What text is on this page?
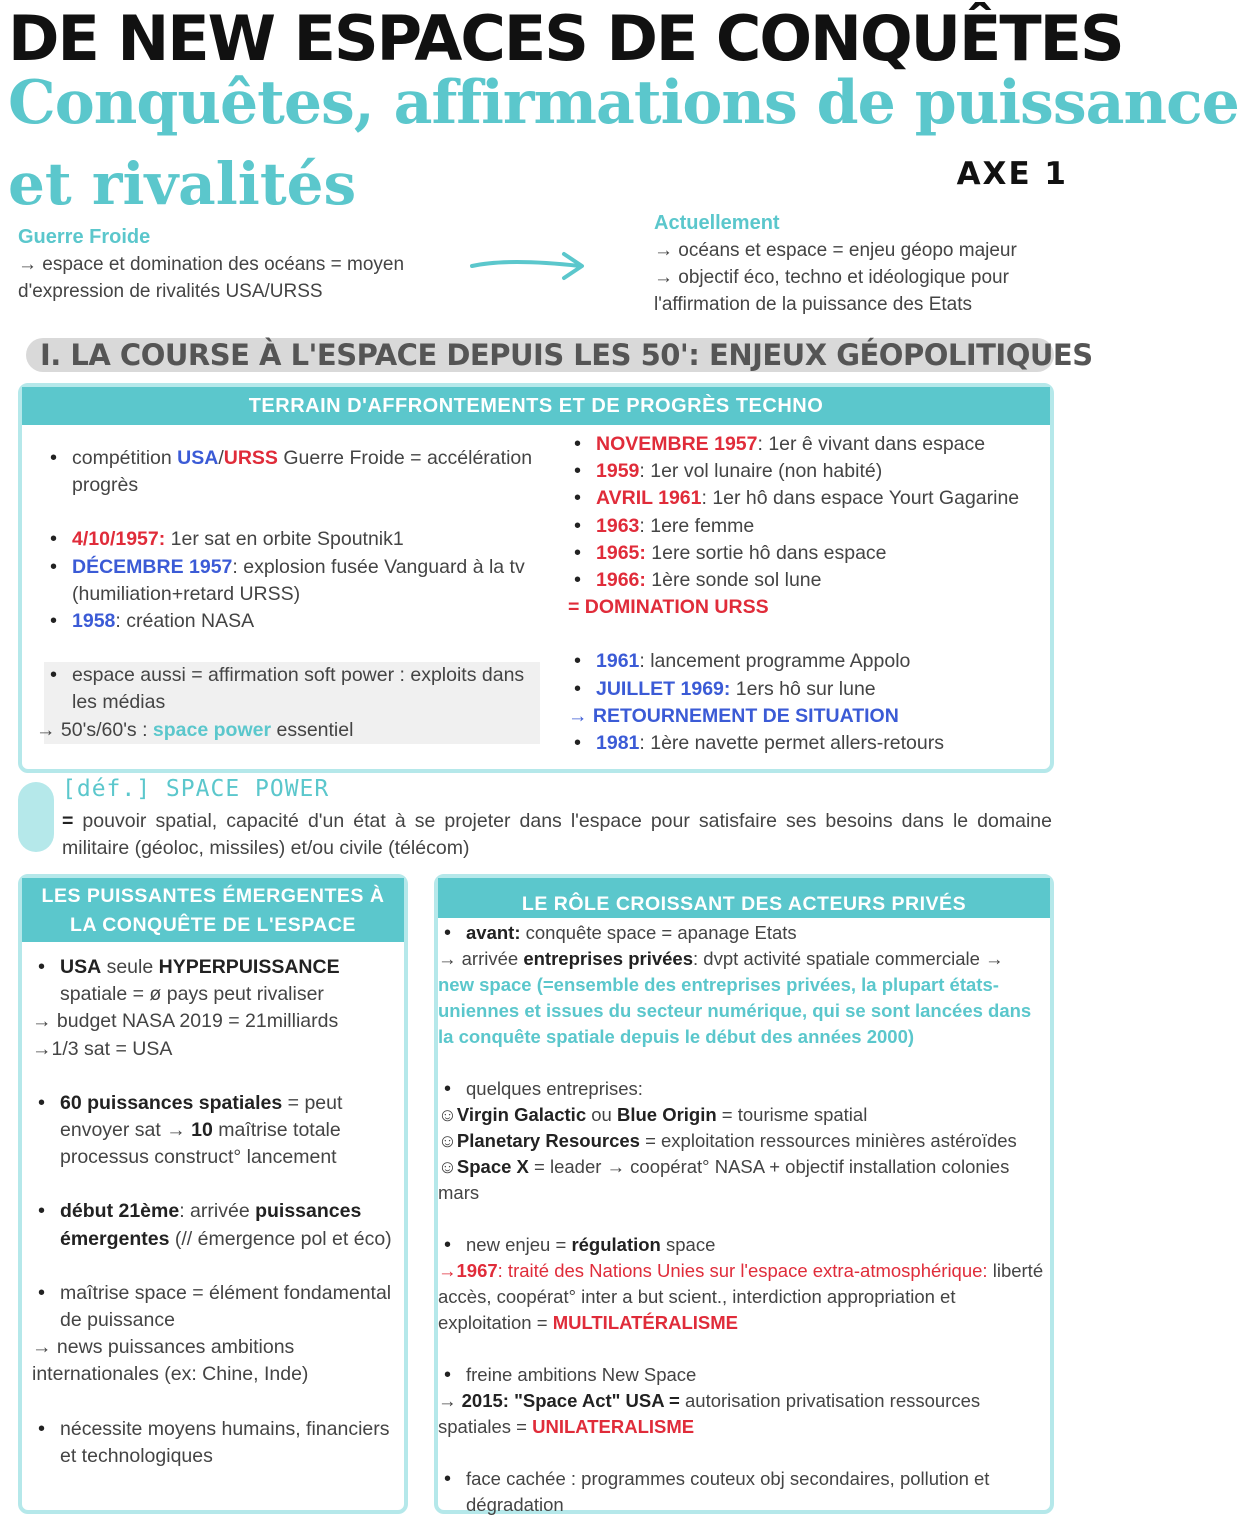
DE NEW ESPACES DE CONQUÊTES
Conquêtes, affirmations de puissance
et rivalités	AXE 1
Guerre Froide
→ espace et domination des océans = moyen d'expression de rivalités USA/URSS
Actuellement
→ océans et espace = enjeu géopo majeur
→ objectif éco, techno et idéologique pour l'affirmation de la puissance des Etats
I. LA COURSE À L'ESPACE DEPUIS LES 50': ENJEUX GÉOPOLITIQUES
TERRAIN D'AFFRONTEMENTS ET DE PROGRÈS TECHNO
• compétition USA/URSS Guerre Froide = accélération progrès
• 4/10/1957: 1er sat en orbite Spoutnik1
• DÉCEMBRE 1957: explosion fusée Vanguard à la tv (humiliation+retard URSS)
• 1958: création NASA
• espace aussi = affirmation soft power : exploits dans les médias
→ 50's/60's : space power essentiel
• NOVEMBRE 1957: 1er ê vivant dans espace
• 1959: 1er vol lunaire (non habité)
• AVRIL 1961: 1er hô dans espace Yourt Gagarine
• 1963: 1ere femme
• 1965: 1ere sortie hô dans espace
• 1966: 1ère sonde sol lune
= DOMINATION URSS
• 1961: lancement programme Appolo
• JUILLET 1969: 1ers hô sur lune
→ RETOURNEMENT DE SITUATION
• 1981: 1ère navette permet allers-retours
[déf.] SPACE POWER
= pouvoir spatial, capacité d'un état à se projeter dans l'espace pour satisfaire ses besoins dans le domaine militaire (géoloc, missiles) et/ou civile (télécom)
LES PUISSANTES ÉMERGENTES À LA CONQUÊTE DE L'ESPACE
• USA seule HYPERPUISSANCE spatiale = ø pays peut rivaliser
→ budget NASA 2019 = 21milliards
→1/3 sat = USA
• 60 puissances spatiales = peut envoyer sat → 10 maîtrise totale processus construct° lancement
• début 21ème: arrivée puissances émergentes (// émergence pol et éco)
• maîtrise space = élément fondamental de puissance
→ news puissances ambitions internationales (ex: Chine, Inde)
• nécessite moyens humains, financiers et technologiques
LE RÔLE CROISSANT DES ACTEURS PRIVÉS
• avant: conquête space = apanage Etats
→ arrivée entreprises privées: dvpt activité spatiale commerciale →
new space (=ensemble des entreprises privées, la plupart états-uniennes et issues du secteur numérique, qui se sont lancées dans la conquête spatiale depuis le début des années 2000)
• quelques entreprises:
☺Virgin Galactic ou Blue Origin = tourisme spatial
☺Planetary Resources = exploitation ressources minières astéroïdes
☺Space X = leader → coopérat° NASA + objectif installation colonies mars
• new enjeu = régulation space
→1967: traité des Nations Unies sur l'espace extra-atmosphérique: liberté accès, coopérat° inter a but scient., interdiction appropriation et exploitation = MULTILATÉRALISME
• freine ambitions New Space
→ 2015: "Space Act" USA = autorisation privatisation ressources spatiales = UNILATERALISME
• face cachée : programmes couteux obj secondaires, pollution et dégradation
